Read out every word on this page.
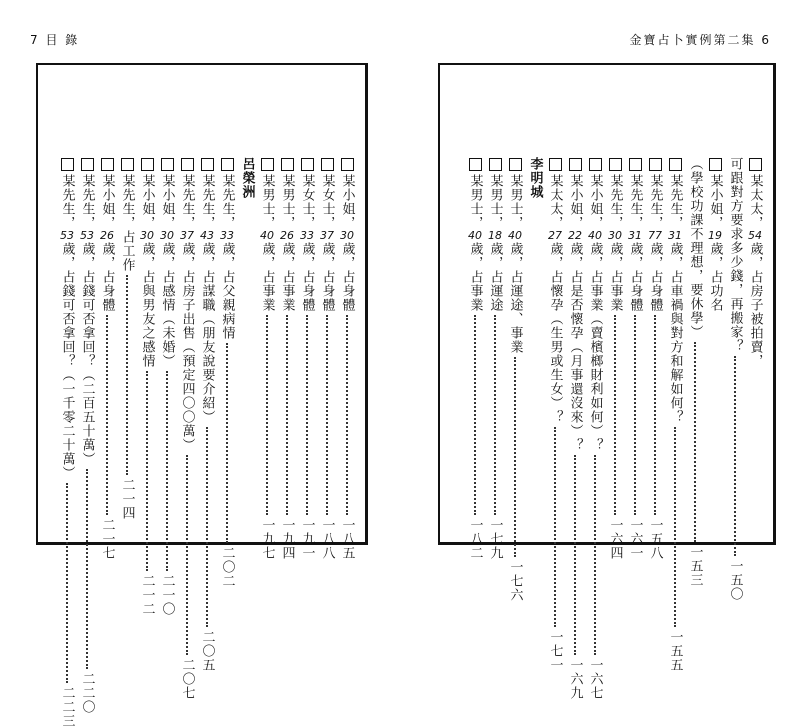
7 目 錄	金寶占卜實例第二集 6
某小姐，
30
歲，占身體
一八五
某女士，
37
歲，占身體
一八八
某女士，
33
歲，占身體
一九一
某男士，
26
歲，占事業
一九四
某男士，
40
歲，占事業
一九七
呂榮洲
某先生，
33
歲，占父親病情
二〇二
某先生，
43
歲，占謀職（朋友說要介紹）
二〇五
某先生，
37
歲，占房子出售（預定四〇〇萬）
二〇七
某小姐，
30
歲，占感情（未婚）
二一〇
某小姐，
30
歲，占與男友之感情
二一二
某先生，
占工作
二一四
某小姐，
26
歲，占身體
二一七
某先生，
53
歲，占錢可否拿回？（二百五十萬）
二二〇
某先生，
53
歲，占錢可否拿回？（一千零二十萬）
二二三
某太太，
54
歲，占房子被拍賣，
可跟對方要求多少錢，再搬家？
一五〇
某小姐，
19
歲，占功名
（學校功課不理想，要休學）
一五三
某先生，
31
歲，占車禍與對方和解如何？
一五五
某先生，
77
歲，占身體
一五八
某先生，
31
歲，占身體
一六一
某先生，
30
歲，占事業
一六四
某小姐，
40
歲，占事業（賣檳榔財利如何）？
一六七
某小姐，
22
歲，占是否懷孕（月事還沒來）？
一六九
某太太，
27
歲，占懷孕（生男或生女）？
一七一
李明城
某男士，
40
歲，占運途、事業
一七六
某男士，
18
歲，占運途
一七九
某男士，
40
歲，占事業
一八二
